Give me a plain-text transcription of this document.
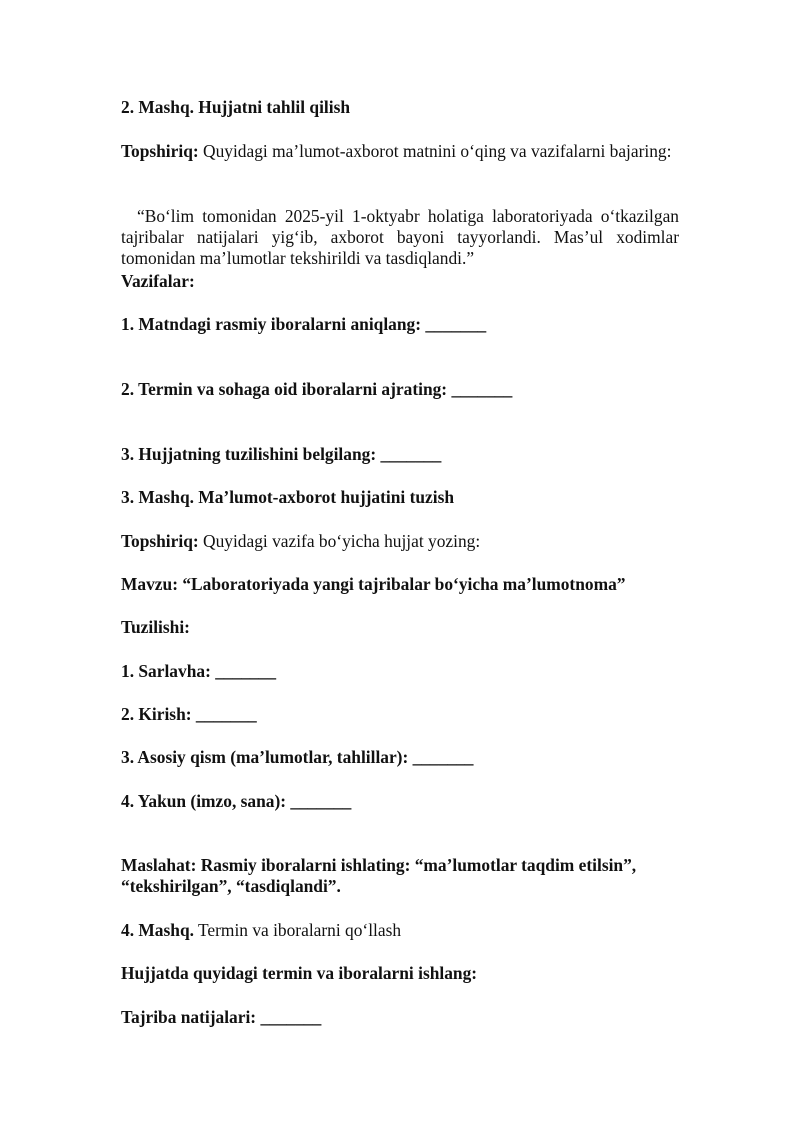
2. Mashq. Hujjatni tahlil qilish

Topshiriq: Quyidagi ma’lumot-axborot matnini o‘qing va vazifalarni bajaring:

“Bo‘lim tomonidan 2025-yil 1-oktyabr holatiga laboratoriyada o‘tkazilgan tajribalar natijalari yig‘ib, axborot bayoni tayyorlandi. Mas’ul xodimlar tomonidan ma’lumotlar tekshirildi va tasdiqlandi.”

Vazifalar:

1. Matndagi rasmiy iboralarni aniqlang: _______

2. Termin va sohaga oid iboralarni ajrating: _______

3. Hujjatning tuzilishini belgilang: _______

3. Mashq. Ma’lumot-axborot hujjatini tuzish

Topshiriq: Quyidagi vazifa bo‘yicha hujjat yozing:

Mavzu: “Laboratoriyada yangi tajribalar bo‘yicha ma’lumotnoma”

Tuzilishi:

1. Sarlavha: _______

2. Kirish: _______

3. Asosiy qism (ma’lumotlar, tahlillar): _______

4. Yakun (imzo, sana): _______

Maslahat: Rasmiy iboralarni ishlating: “ma’lumotlar taqdim etilsin”, “tekshirilgan”, “tasdiqlandi”.

4. Mashq. Termin va iboralarni qo‘llash

Hujjatda quyidagi termin va iboralarni ishlang:

Tajriba natijalari: _______
